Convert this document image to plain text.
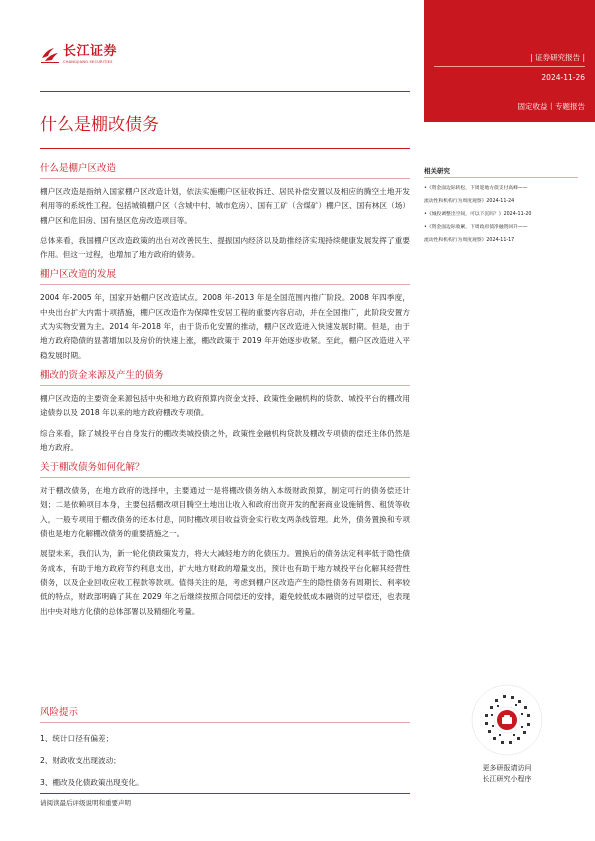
| 证券研究报告 |
2024-11-26
固定收益丨专题报告
长江证券
CHANGJIANG SECURITIES
什么是棚改债务
什么是棚户区改造

棚户区改造是指纳入国家棚户区改造计划，依法实施棚户区征收拆迁、居民补偿安置以及相应的腾空土地开发利用等的系统性工程。包括城镇棚户区（含城中村、城市危房）、国有工矿（含煤矿）棚户区、国有林区（场）棚户区和危旧房、国有垦区危房改造项目等。

总体来看，我国棚户区改造政策的出台对改善民生、提振国内经济以及助推经济实现持续健康发展发挥了重要作用。但这一过程，也增加了地方政府的债务。

棚户区改造的发展

2004 年-2005 年，国家开始棚户区改造试点。2008 年-2013 年是全国范围内推广阶段。2008 年四季度，中央出台扩大内需十项措施，棚户区改造作为保障性安居工程的重要内容启动，并在全国推广，此阶段安置方式为实物安置为主。2014 年-2018 年，由于货币化安置的推动，棚户区改造进入快速发展时期。但是，由于地方政府隐债的显著增加以及房价的快速上涨，棚改政策于 2019 年开始逐步收紧。至此，棚户区改造进入平稳发展时期。

棚改的资金来源及产生的债务

棚户区改造的主要资金来源包括中央和地方政府预算内资金支持、政策性金融机构的贷款、城投平台的棚改用途债券以及 2018 年以来的地方政府棚改专项债。

综合来看，除了城投平台自身发行的棚改类城投债之外，政策性金融机构贷款及棚改专项债的偿还主体仍然是地方政府。

关于棚改债务如何化解？

对于棚改债务，在地方政府的选择中，主要通过一是将棚改债务纳入本级财政预算，制定可行的债务偿还计划；二是依赖项目本身，主要包括棚改项目腾空土地出让收入和政府出资开发的配套商业设施销售、租赁等收入，一般专项用于棚改债务的还本付息，同时棚改项目收益资金实行收支两条线管理。此外，债务置换和专项债也是地方化解棚改债务的重要措施之一。

展望未来，我们认为，新一轮化债政策发力，将大大减轻地方的化债压力。置换后的债务法定利率低于隐性债务成本，有助于地方政府节约利息支出，扩大地方财政的增量支出，预计也有助于地方城投平台化解其经营性债务，以及企业回收应收工程款等款项。值得关注的是，考虑到棚户区改造产生的隐性债务有周期长、利率较低的特点，财政部明确了其在 2029 年之后继续按照合同偿还的安排，避免较低成本融资的过早偿还，也表现出中央对地方化债的总体部署以及精细化考量。

风险提示
1、统计口径有偏差；
2、财政收支出现波动；
3、棚改及化债政策出现变化。
请阅读最后评级说明和重要声明
相关研究
•《资金面边际转松，下周迎地方债支付高峰——
流动性和机构行为周度观察》2024-11-24
•《城投调整出空间，可以下沉吗？》2024-11-20
•《资金面边际收紧，下周政府债净融资回升——
流动性和机构行为周度观察》2024-11-17
更多研报请访问
长江研究小程序
